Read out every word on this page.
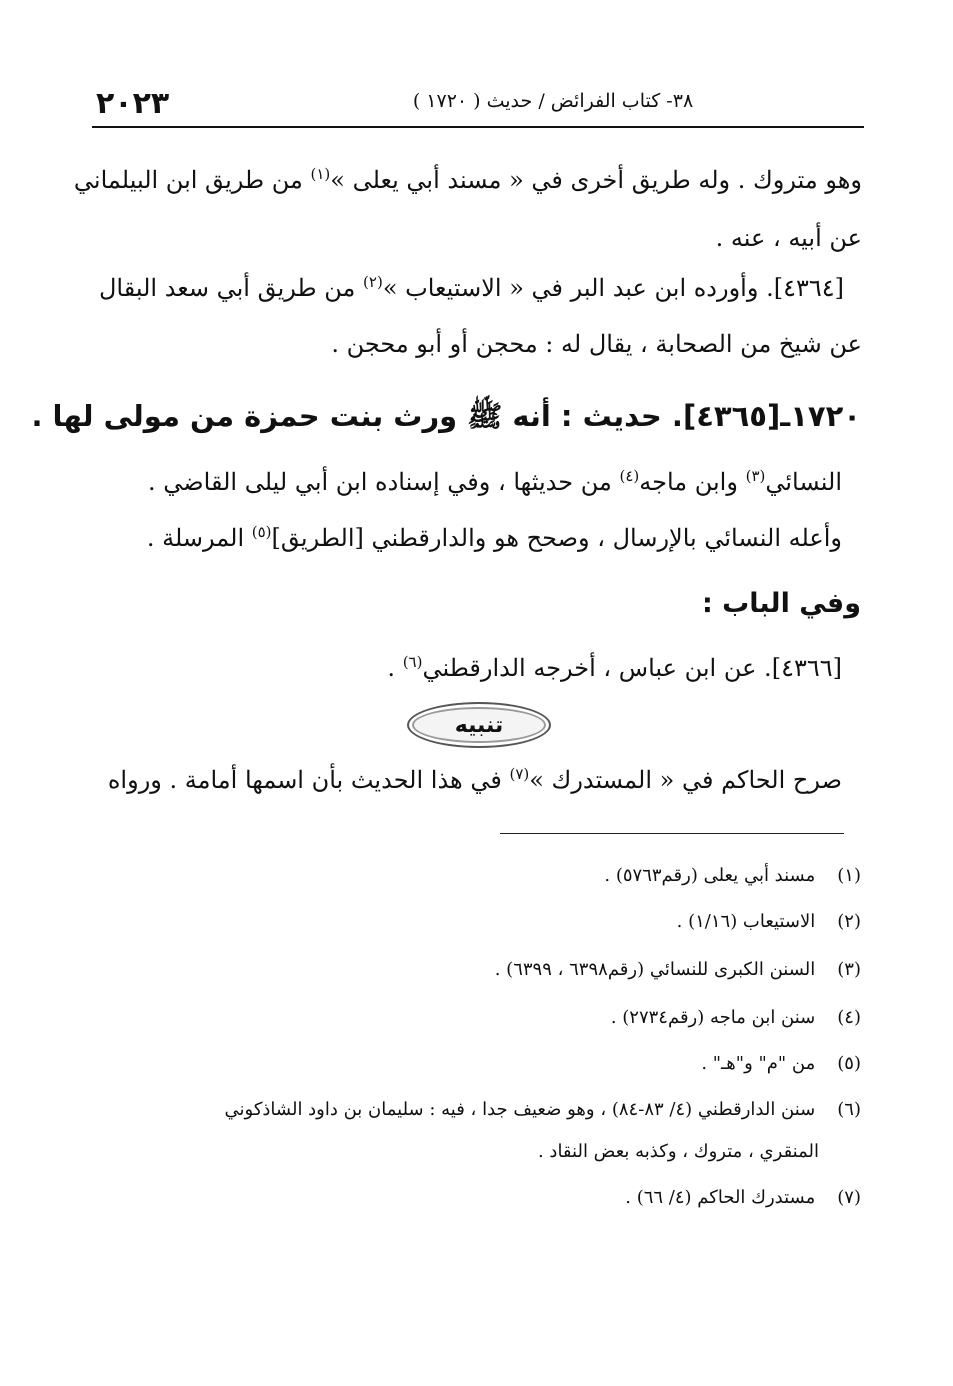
٢٠٢٣	٣٨- كتاب الفرائض / حديث ( ١٧٢٠ )
وهو متروك . وله طريق أخرى في « مسند أبي يعلى »$^{(١)}$ من طريق ابن البيلماني
عن أبيه ، عنه .
[٤٣٦٤]. وأورده ابن عبد البر في « الاستيعاب »$^{(٢)}$ من طريق أبي سعد البقال
عن شيخ من الصحابة ، يقال له : محجن أو أبو محجن .
١٧٢٠ـ[٤٣٦٥]. حديث : أنه ﷺ ورث بنت حمزة من مولى لها .
النسائي$^{(٣)}$ وابن ماجه$^{(٤)}$ من حديثها ، وفي إسناده ابن أبي ليلى القاضي .
وأعله النسائي بالإرسال ، وصحح هو والدارقطني [الطريق]$^{(٥)}$ المرسلة .
وفي الباب :
[٤٣٦٦]. عن ابن عباس ، أخرجه الدارقطني$^{(٦)}$ .
تنبيه
صرح الحاكم في « المستدرك »$^{(٧)}$ في هذا الحديث بأن اسمها أمامة . ورواه
(١) مسند أبي يعلى (رقم٥٧٦٣) .
(٢) الاستيعاب (١/١٦) .
(٣) السنن الكبرى للنسائي (رقم٦٣٩٨ ، ٦٣٩٩) .
(٤) سنن ابن ماجه (رقم٢٧٣٤) .
(٥) من "م" و"هـ" .
(٦) سنن الدارقطني (٤/ ٨٣-٨٤) ، وهو ضعيف جدا ، فيه : سليمان بن داود الشاذكوني
المنقري ، متروك ، وكذبه بعض النقاد .
(٧) مستدرك الحاكم (٤/ ٦٦) .
